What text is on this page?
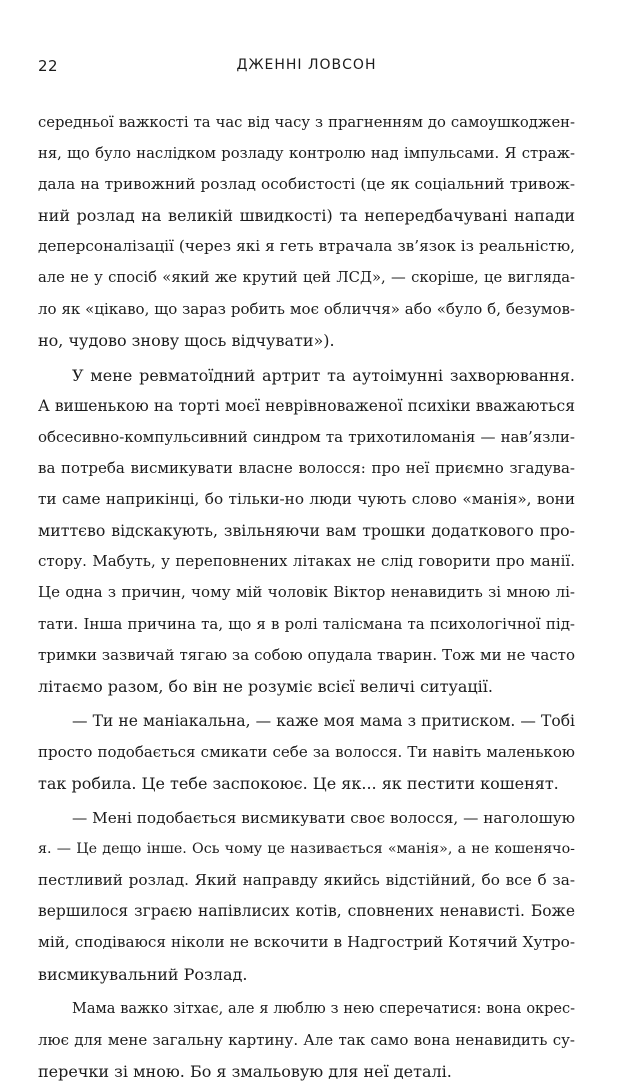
22	ДЖЕННІ ЛОВСОН
середньої важкості та час від часу з прагненням до самоушкоджен-
ня, що було наслідком розладу контролю над імпульсами. Я страж-
дала на тривожний розлад особистості (це як соціальний тривож-
ний розлад на великій швидкості) та непередбачувані напади
деперсоналізації (через які я геть втрачала зв’язок із реальністю,
але не у спосіб «який же крутий цей ЛСД», — скоріше, це вигляда-
ло як «цікаво, що зараз робить моє обличчя» або «було б, безумов-
но, чудово знову щось відчувати»).
У мене ревматоїдний артрит та аутоімунні захворювання.
А вишенькою на торті моєї неврівноваженої психіки вважаються
обсесивно-компульсивний синдром та трихотиломанія — нав’язли-
ва потреба висмикувати власне волосся: про неї приємно згадува-
ти саме наприкінці, бо тільки-но люди чують слово «манія», вони
миттєво відскакують, звільняючи вам трошки додаткового про-
стору. Мабуть, у переповнених літаках не слід говорити про манії.
Це одна з причин, чому мій чоловік Віктор ненавидить зі мною лі-
тати. Інша причина та, що я в ролі талісмана та психологічної під-
тримки зазвичай тягаю за собою опудала тварин. Тож ми не часто
літаємо разом, бо він не розуміє всієї величі ситуації.
— Ти не маніакальна, — каже моя мама з притиском. — Тобі
просто подобається смикати себе за волосся. Ти навіть маленькою
так робила. Це тебе заспокоює. Це як... як пестити кошенят.
— Мені подобається висмикувати своє волосся, — наголошую
я. — Це дещо інше. Ось чому це називається «манія», а не кошенячо-
пестливий розлад. Який направду якийсь відстійний, бо все б за-
вершилося зграєю напівлисих котів, сповнених ненависті. Боже
мій, сподіваюся ніколи не вскочити в Надгострий Котячий Хутро-
висмикувальний Розлад.
Мама важко зітхає, але я люблю з нею сперечатися: вона окрес-
лює для мене загальну картину. Але так само вона ненавидить су-
перечки зі мною. Бо я змальовую для неї деталі.
